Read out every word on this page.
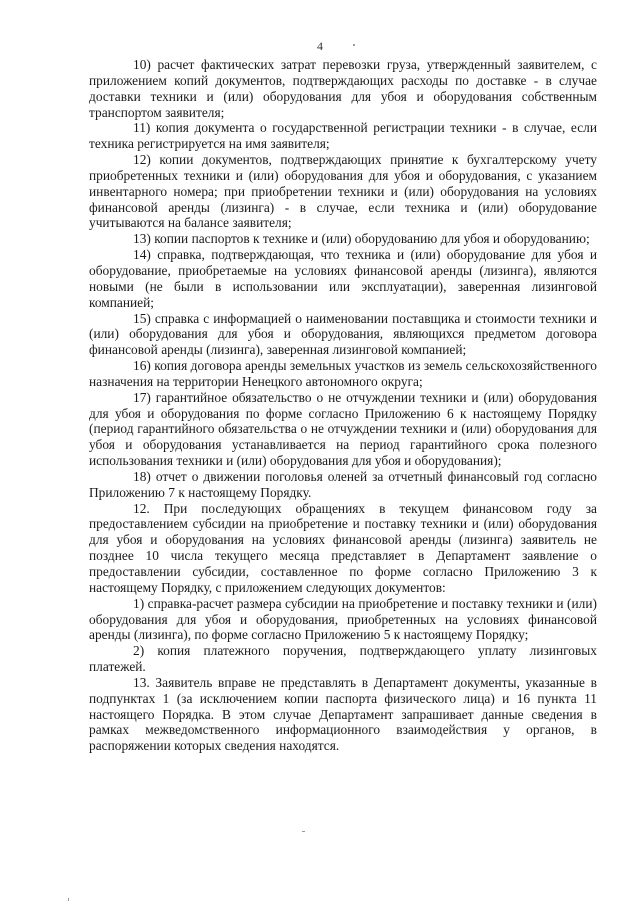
4

10) расчет фактических затрат перевозки груза, утвержденный заявителем, с приложением копий документов, подтверждающих расходы по доставке - в случае доставки техники и (или) оборудования для убоя и оборудования собственным транспортом заявителя;

11) копия документа о государственной регистрации техники - в случае, если техника регистрируется на имя заявителя;

12) копии документов, подтверждающих принятие к бухгалтерскому учету приобретенных техники и (или) оборудования для убоя и оборудования, с указанием инвентарного номера; при приобретении техники и (или) оборудования на условиях финансовой аренды (лизинга) - в случае, если техника и (или) оборудование учитываются на балансе заявителя;

13) копии паспортов к технике и (или) оборудованию для убоя и оборудованию;

14) справка, подтверждающая, что техника и (или) оборудование для убоя и оборудование, приобретаемые на условиях финансовой аренды (лизинга), являются новыми (не были в использовании или эксплуатации), заверенная лизинговой компанией;

15) справка с информацией о наименовании поставщика и стоимости техники и (или) оборудования для убоя и оборудования, являющихся предметом договора финансовой аренды (лизинга), заверенная лизинговой компанией;

16) копия договора аренды земельных участков из земель сельскохозяйственного назначения на территории Ненецкого автономного округа;

17) гарантийное обязательство о не отчуждении техники и (или) оборудования для убоя и оборудования по форме согласно Приложению 6 к настоящему Порядку (период гарантийного обязательства о не отчуждении техники и (или) оборудования для убоя и оборудования устанавливается на период гарантийного срока полезного использования техники и (или) оборудования для убоя и оборудования);

18) отчет о движении поголовья оленей за отчетный финансовый год согласно Приложению 7 к настоящему Порядку.

12. При последующих обращениях в текущем финансовом году за предоставлением субсидии на приобретение и поставку техники и (или) оборудования для убоя и оборудования на условиях финансовой аренды (лизинга) заявитель не позднее 10 числа текущего месяца представляет в Департамент заявление о предоставлении субсидии, составленное по форме согласно Приложению 3 к настоящему Порядку, с приложением следующих документов:

1) справка-расчет размера субсидии на приобретение и поставку техники и (или) оборудования для убоя и оборудования, приобретенных на условиях финансовой аренды (лизинга), по форме согласно Приложению 5 к настоящему Порядку;

2) копия платежного поручения, подтверждающего уплату лизинговых платежей.

13. Заявитель вправе не представлять в Департамент документы, указанные в подпунктах 1 (за исключением копии паспорта физического лица) и 16 пункта 11 настоящего Порядка. В этом случае Департамент запрашивает данные сведения в рамках межведомственного информационного взаимодействия у органов, в распоряжении которых сведения находятся.
